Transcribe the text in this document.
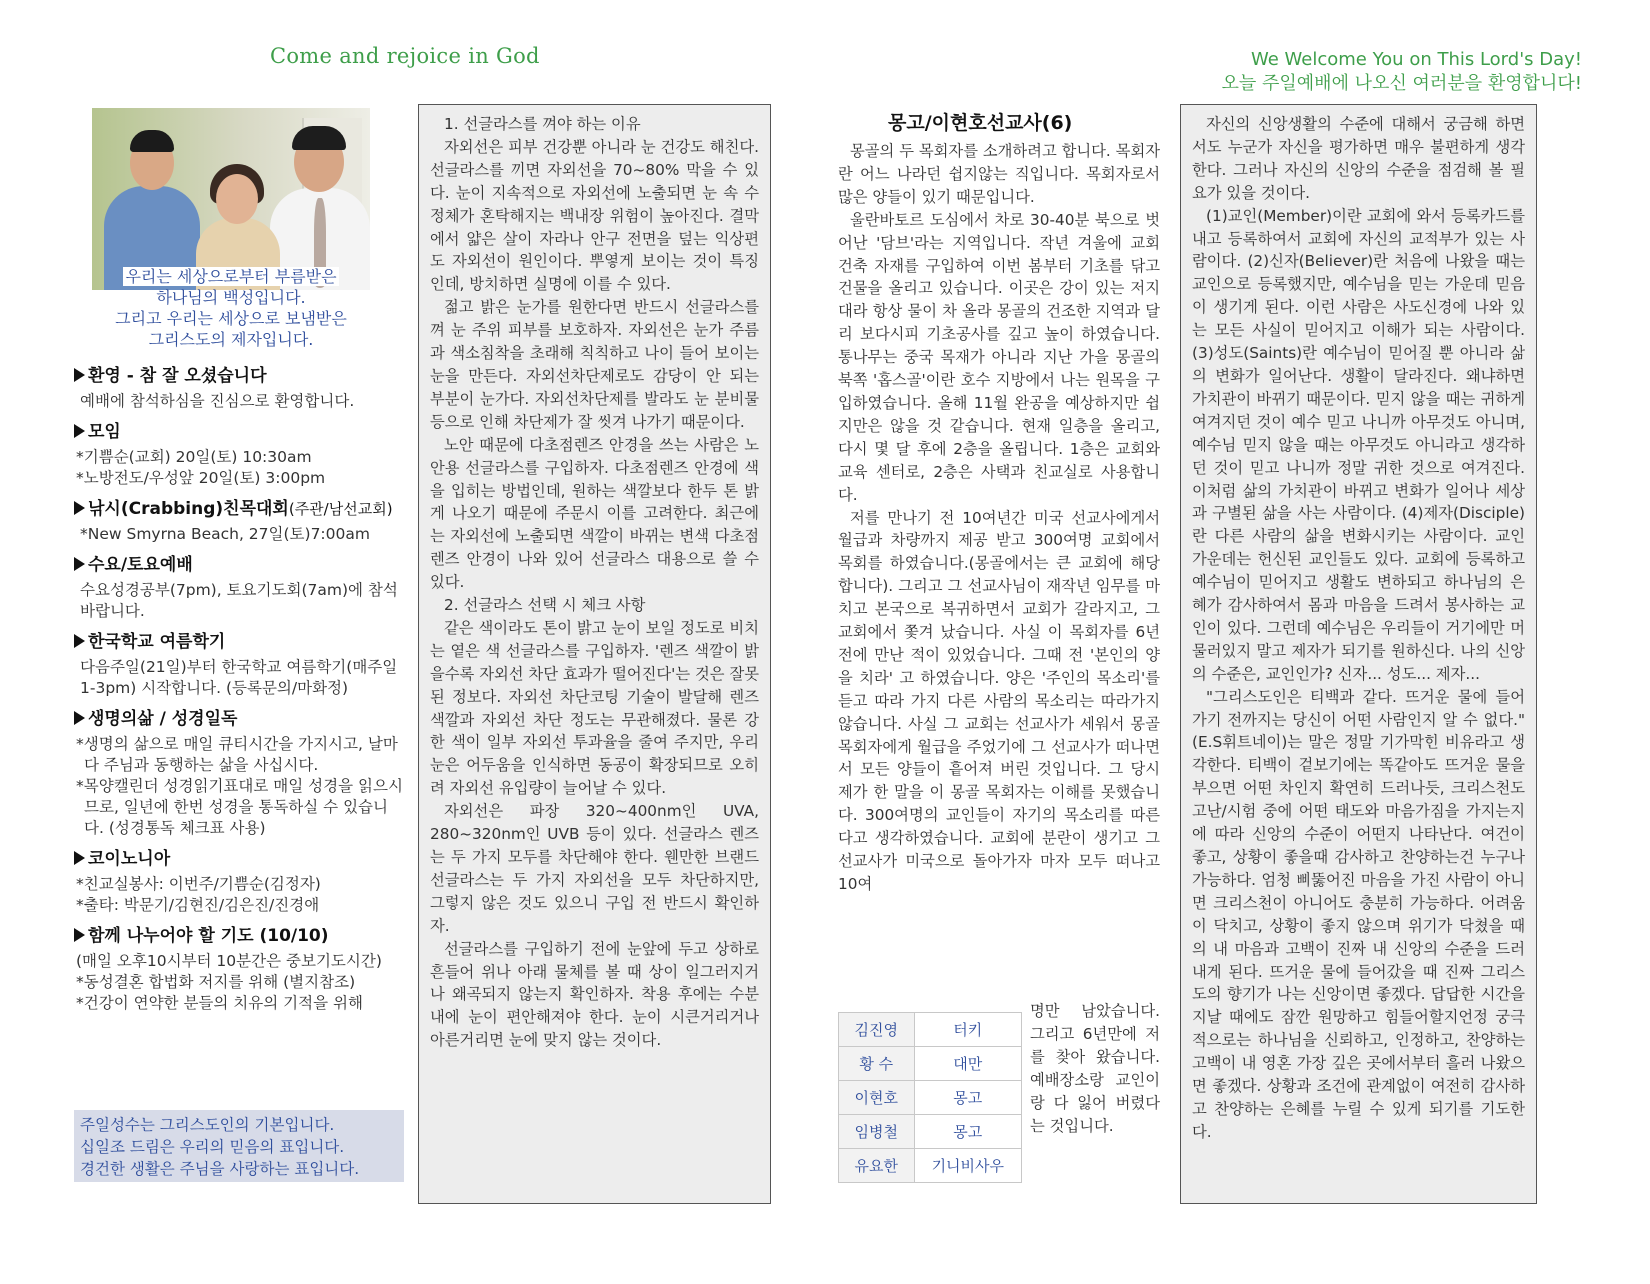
Come and rejoice in God	We Welcome You on This Lord's Day!
오늘 주일예배에 나오신 여러분을 환영합니다!
우리는 세상으로부터 부름받은
하나님의 백성입니다.
그리고 우리는 세상으로 보냄받은
그리스도의 제자입니다.
환영 - 참 잘 오셨습니다
예배에 참석하심을 진심으로 환영합니다.
모임
*기쁨순(교회) 20일(토) 10:30am
*노방전도/우성앞 20일(토) 3:00pm
낚시(Crabbing)친목대회(주관/남선교회)
*New Smyrna Beach, 27일(토)7:00am
수요/토요예배
수요성경공부(7pm), 토요기도회(7am)에 참석바랍니다.
한국학교 여름학기
다음주일(21일)부터 한국학교 여름학기(매주일1-3pm) 시작합니다. (등록문의/마화정)
생명의삶 / 성경일독
*생명의 삶으로 매일 큐티시간을 가지시고, 날마다 주님과 동행하는 삶을 사십시다.
*목양캘린더 성경읽기표대로 매일 성경을 읽으시므로, 일년에 한번 성경을 통독하실 수 있습니다. (성경통독 체크표 사용)
코이노니아
*친교실봉사: 이번주/기쁨순(김정자)
*출타: 박문기/김현진/김은진/진경애
함께 나누어야 할 기도 (10/10)
(매일 오후10시부터 10분간은 중보기도시간)
*동성결혼 합법화 저지를 위해 (별지참조)
*건강이 연약한 분들의 치유의 기적을 위해
주일성수는 그리스도인의 기본입니다.
십일조 드림은 우리의 믿음의 표입니다.
경건한 생활은 주님을 사랑하는 표입니다.

1. 선글라스를 껴야 하는 이유

자외선은 피부 건강뿐 아니라 눈 건강도 해친다. 선글라스를 끼면 자외선을 70~80% 막을 수 있다. 눈이 지속적으로 자외선에 노출되면 눈 속 수정체가 혼탁해지는 백내장 위험이 높아진다. 결막에서 얇은 살이 자라나 안구 전면을 덮는 익상편도 자외선이 원인이다. 뿌옇게 보이는 것이 특징인데, 방치하면 실명에 이를 수 있다.

젊고 밝은 눈가를 원한다면 반드시 선글라스를 껴 눈 주위 피부를 보호하자. 자외선은 눈가 주름과 색소침착을 초래해 칙칙하고 나이 들어 보이는 눈을 만든다. 자외선차단제로도 감당이 안 되는 부분이 눈가다. 자외선차단제를 발라도 눈 분비물 등으로 인해 차단제가 잘 씻겨 나가기 때문이다.

노안 때문에 다초점렌즈 안경을 쓰는 사람은 노안용 선글라스를 구입하자. 다초점렌즈 안경에 색을 입히는 방법인데, 원하는 색깔보다 한두 톤 밝게 나오기 때문에 주문시 이를 고려한다. 최근에는 자외선에 노출되면 색깔이 바뀌는 변색 다초점렌즈 안경이 나와 있어 선글라스 대용으로 쓸 수 있다.

2. 선글라스 선택 시 체크 사항

같은 색이라도 톤이 밝고 눈이 보일 정도로 비치는 옅은 색 선글라스를 구입하자. '렌즈 색깔이 밝을수록 자외선 차단 효과가 떨어진다'는 것은 잘못된 정보다. 자외선 차단코팅 기술이 발달해 렌즈 색깔과 자외선 차단 정도는 무관해졌다. 물론 강한 색이 일부 자외선 투과율을 줄여 주지만, 우리 눈은 어두움을 인식하면 동공이 확장되므로 오히려 자외선 유입량이 늘어날 수 있다.

자외선은 파장 320~400nm인 UVA, 280~320nm인 UVB 등이 있다. 선글라스 렌즈는 두 가지 모두를 차단해야 한다. 웬만한 브랜드 선글라스는 두 가지 자외선을 모두 차단하지만, 그렇지 않은 것도 있으니 구입 전 반드시 확인하자.

선글라스를 구입하기 전에 눈앞에 두고 상하로 흔들어 위나 아래 물체를 볼 때 상이 일그러지거나 왜곡되지 않는지 확인하자. 착용 후에는 수분 내에 눈이 편안해져야 한다. 눈이 시큰거리거나 아른거리면 눈에 맞지 않는 것이다.

몽고/이현호선교사(6)

몽골의 두 목회자를 소개하려고 합니다. 목회자란 어느 나라던 쉽지않는 직입니다. 목회자로서 많은 양들이 있기 때문입니다.

울란바토르 도심에서 차로 30-40분 북으로 벗어난 '담브'라는 지역입니다. 작년 겨울에 교회 건축 자재를 구입하여 이번 봄부터 기초를 닦고 건물을 올리고 있습니다. 이곳은 강이 있는 저지대라 항상 물이 차 올라 몽골의 건조한 지역과 달리 보다시피 기초공사를 깊고 높이 하였습니다. 통나무는 중국 목재가 아니라 지난 가을 몽골의 북쪽 '홉스골'이란 호수 지방에서 나는 원목을 구입하였습니다. 올해 11월 완공을 예상하지만 쉽지만은 않을 것 같습니다. 현재 일층을 올리고, 다시 몇 달 후에 2층을 올립니다. 1층은 교회와 교육 센터로, 2층은 사택과 친교실로 사용합니다.

저를 만나기 전 10여년간 미국 선교사에게서 월급과 차량까지 제공 받고 300여명 교회에서 목회를 하였습니다.(몽골에서는 큰 교회에 해당합니다). 그리고 그 선교사님이 재작년 임무를 마치고 본국으로 복귀하면서 교회가 갈라지고, 그 교회에서 쫓겨 났습니다. 사실 이 목회자를 6년 전에 만난 적이 있었습니다. 그때 전 '본인의 양을 치라' 고 하였습니다. 양은 '주인의 목소리'를 듣고 따라 가지 다른 사람의 목소리는 따라가지 않습니다. 사실 그 교회는 선교사가 세워서 몽골 목회자에게 월급을 주었기에 그 선교사가 떠나면서 모든 양들이 흩어져 버린 것입니다. 그 당시 제가 한 말을 이 몽골 목회자는 이해를 못했습니다. 300여명의 교인들이 자기의 목소리를 따른다고 생각하였습니다. 교회에 분란이 생기고 그 선교사가 미국으로 돌아가자 마자 모두 떠나고 10여

김진영	터키
황 수	대만
이현호	몽고
임병철	몽고
유요한	기니비사우
명만 남았습니다. 그리고 6년만에 저를 찾아 왔습니다. 예배장소랑 교인이랑 다 잃어 버렸다는 것입니다.

자신의 신앙생활의 수준에 대해서 궁금해 하면서도 누군가 자신을 평가하면 매우 불편하게 생각한다. 그러나 자신의 신앙의 수준을 점검해 볼 필요가 있을 것이다.

(1)교인(Member)이란 교회에 와서 등록카드를 내고 등록하여서 교회에 자신의 교적부가 있는 사람이다. (2)신자(Believer)란 처음에 나왔을 때는 교인으로 등록했지만, 예수님을 믿는 가운데 믿음이 생기게 된다. 이런 사람은 사도신경에 나와 있는 모든 사실이 믿어지고 이해가 되는 사람이다. (3)성도(Saints)란 예수님이 믿어질 뿐 아니라 삶의 변화가 일어난다. 생활이 달라진다. 왜냐하면 가치관이 바뀌기 때문이다. 믿지 않을 때는 귀하게 여겨지던 것이 예수 믿고 나니까 아무것도 아니며, 예수님 믿지 않을 때는 아무것도 아니라고 생각하던 것이 믿고 나니까 정말 귀한 것으로 여겨진다. 이처럼 삶의 가치관이 바뀌고 변화가 일어나 세상과 구별된 삶을 사는 사람이다. (4)제자(Disciple)란 다른 사람의 삶을 변화시키는 사람이다. 교인 가운데는 헌신된 교인들도 있다. 교회에 등록하고 예수님이 믿어지고 생활도 변하되고 하나님의 은혜가 감사하여서 몸과 마음을 드려서 봉사하는 교인이 있다. 그런데 예수님은 우리들이 거기에만 머물러있지 말고 제자가 되기를 원하신다. 나의 신앙의 수준은, 교인인가? 신자... 성도... 제자...

"그리스도인은 티백과 같다. 뜨거운 물에 들어 가기 전까지는 당신이 어떤 사람인지 알 수 없다."(E.S휘트네이)는 말은 정말 기가막힌 비유라고 생각한다. 티백이 겉보기에는 똑같아도 뜨거운 물을 부으면 어떤 차인지 확연히 드러나듯, 크리스천도 고난/시험 중에 어떤 태도와 마음가짐을 가지는지에 따라 신앙의 수준이 어떤지 나타난다. 여건이 좋고, 상황이 좋을때 감사하고 찬양하는건 누구나 가능하다. 엄청 삐뚫어진 마음을 가진 사람이 아니면 크리스천이 아니어도 충분히 가능하다. 어려움이 닥치고, 상황이 좋지 않으며 위기가 닥쳤을 때의 내 마음과 고백이 진짜 내 신앙의 수준을 드러내게 된다. 뜨거운 물에 들어갔을 때 진짜 그리스도의 향기가 나는 신앙이면 좋겠다. 답답한 시간을 지날 때에도 잠깐 원망하고 힘들어할지언정 궁극적으로는 하나님을 신뢰하고, 인정하고, 찬양하는 고백이 내 영혼 가장 깊은 곳에서부터 흘러 나왔으면 좋겠다. 상황과 조건에 관계없이 여전히 감사하고 찬양하는 은혜를 누릴 수 있게 되기를 기도한다.
